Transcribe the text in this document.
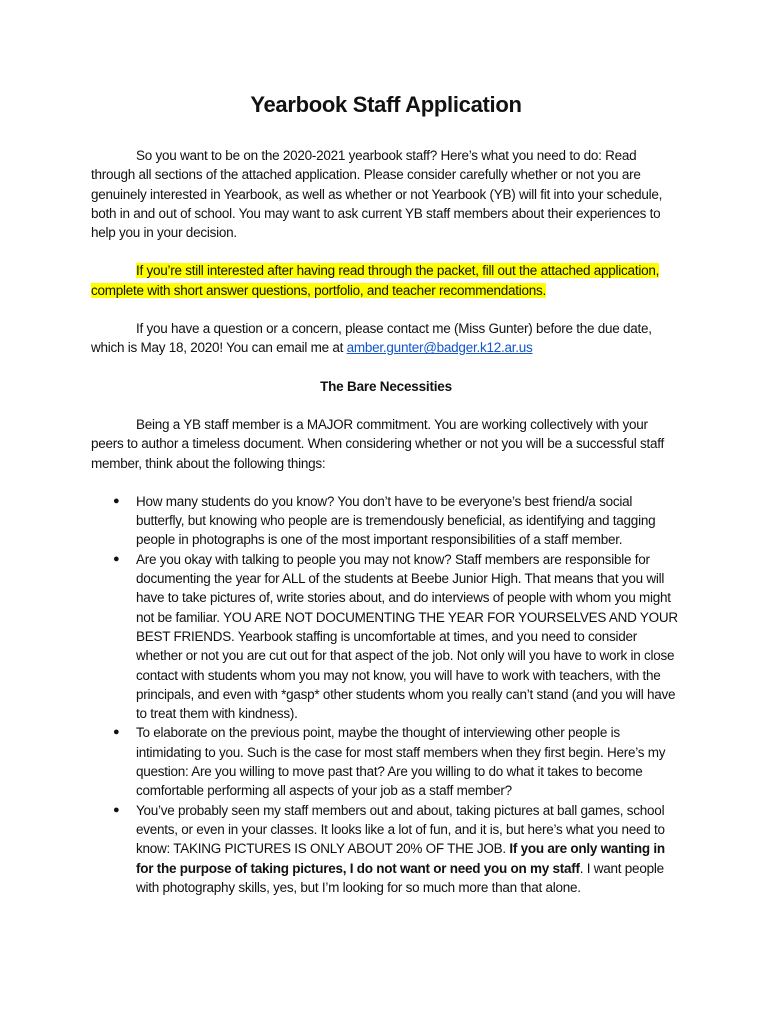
Yearbook Staff Application

So you want to be on the 2020-2021 yearbook staff? Here’s what you need to do: Read through all sections of the attached application. Please consider carefully whether or not you are genuinely interested in Yearbook, as well as whether or not Yearbook (YB) will fit into your schedule, both in and out of school. You may want to ask current YB staff members about their experiences to help you in your decision.

If you’re still interested after having read through the packet, fill out the attached application, complete with short answer questions, portfolio, and teacher recommendations.

If you have a question or a concern, please contact me (Miss Gunter) before the due date, which is May 18, 2020! You can email me at amber.gunter@badger.k12.ar.us

The Bare Necessities

Being a YB staff member is a MAJOR commitment. You are working collectively with your peers to author a timeless document. When considering whether or not you will be a successful staff member, think about the following things:

● How many students do you know? You don’t have to be everyone’s best friend/a social butterfly, but knowing who people are is tremendously beneficial, as identifying and tagging people in photographs is one of the most important responsibilities of a staff member.
● Are you okay with talking to people you may not know? Staff members are responsible for documenting the year for ALL of the students at Beebe Junior High. That means that you will have to take pictures of, write stories about, and do interviews of people with whom you might not be familiar. YOU ARE NOT DOCUMENTING THE YEAR FOR YOURSELVES AND YOUR BEST FRIENDS. Yearbook staffing is uncomfortable at times, and you need to consider whether or not you are cut out for that aspect of the job. Not only will you have to work in close contact with students whom you may not know, you will have to work with teachers, with the principals, and even with *gasp* other students whom you really can’t stand (and you will have to treat them with kindness).
● To elaborate on the previous point, maybe the thought of interviewing other people is intimidating to you. Such is the case for most staff members when they first begin. Here’s my question: Are you willing to move past that? Are you willing to do what it takes to become comfortable performing all aspects of your job as a staff member?
● You’ve probably seen my staff members out and about, taking pictures at ball games, school events, or even in your classes. It looks like a lot of fun, and it is, but here’s what you need to know: TAKING PICTURES IS ONLY ABOUT 20% OF THE JOB. If you are only wanting in for the purpose of taking pictures, I do not want or need you on my staff. I want people with photography skills, yes, but I’m looking for so much more than that alone.
